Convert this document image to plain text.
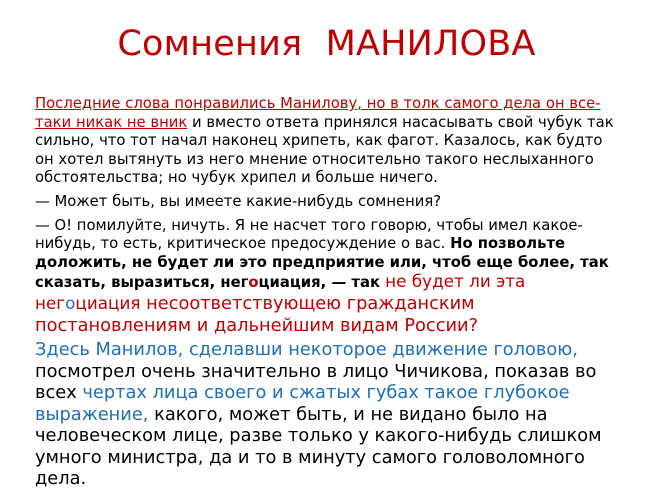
Сомнения МАНИЛОВА

Последние слова понравились Манилову, но в толк самого дела он все-таки никак не вник и вместо ответа принялся насасывать свой чубук так сильно, что тот начал наконец хрипеть, как фагот. Казалось, как будто он хотел вытянуть из него мнение относительно такого неслыханного обстоятельства; но чубук хрипел и больше ничего.

— Может быть, вы имеете какие-нибудь сомнения?

— О! помилуйте, ничуть. Я не насчет того говорю, чтобы имел какое-нибудь, то есть, критическое предосуждение о вас. Но позвольте доложить, не будет ли это предприятие или, чтоб еще более, так сказать, выразиться, негоциация, — так не будет ли эта негоциация несоответствующею гражданским постановлениям и дальнейшим видам России?

Здесь Манилов, сделавши некоторое движение головою, посмотрел очень значительно в лицо Чичикова, показав во всех чертах лица своего и сжатых губах такое глубокое выражение, какого, может быть, и не видано было на человеческом лице, разве только у какого-нибудь слишком умного министра, да и то в минуту самого головоломного дела.
